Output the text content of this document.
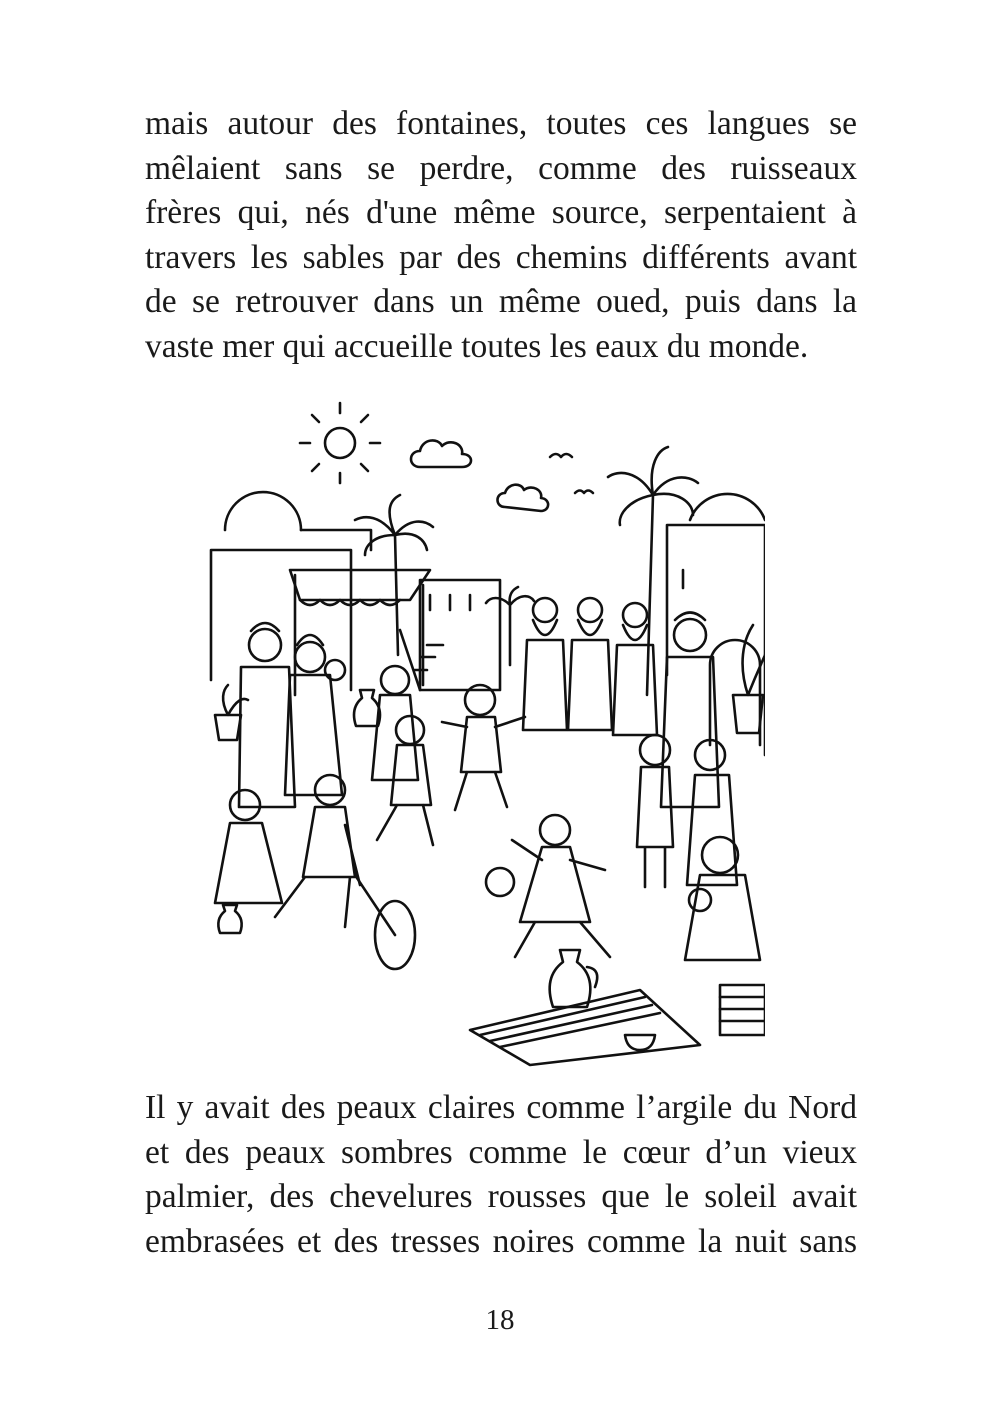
mais autour des fontaines, toutes ces langues se
mêlaient sans se perdre, comme des ruisseaux
frères qui, nés d'une même source, serpentaient à
travers les sables par des chemins différents avant
de se retrouver dans un même oued, puis dans la
vaste mer qui accueille toutes les eaux du monde.
Il y avait des peaux claires comme l’argile du Nord
et des peaux sombres comme le cœur d’un vieux
palmier, des chevelures rousses que le soleil avait
embrasées et des tresses noires comme la nuit sans
18
